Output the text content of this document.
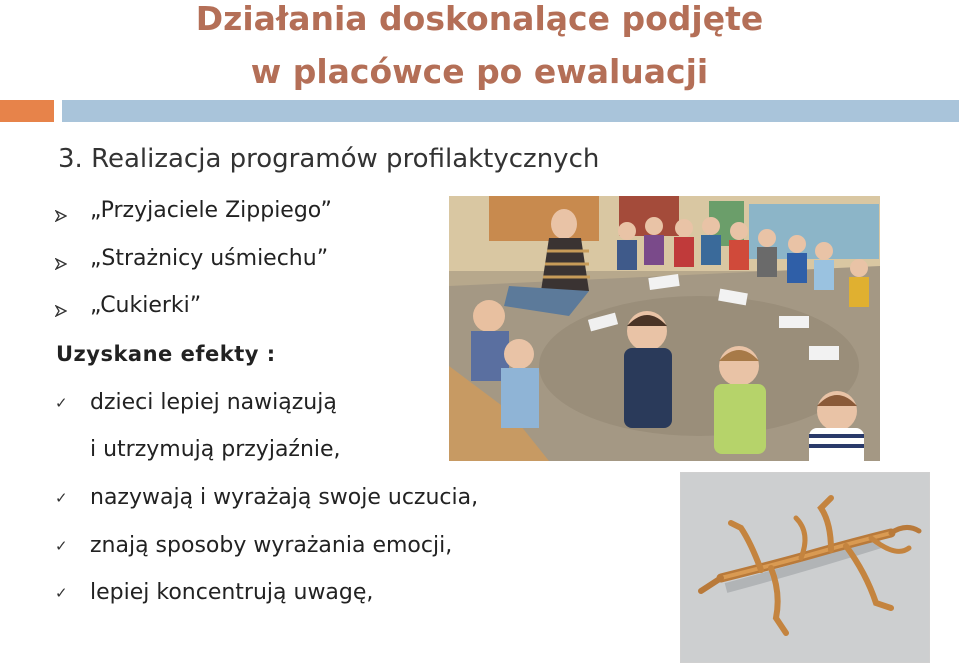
Działania doskonalące podjęte
w placówce po ewaluacji
3. Realizacja programów profilaktycznych
„Przyjaciele Zippiego”
„Strażnicy uśmiechu”
„Cukierki”
Uzyskane efekty :
✓ dzieci lepiej nawiązują
i utrzymują przyjaźnie,
✓ nazywają i wyrażają swoje uczucia,
✓ znają sposoby wyrażania emocji,
✓ lepiej koncentrują uwagę,
